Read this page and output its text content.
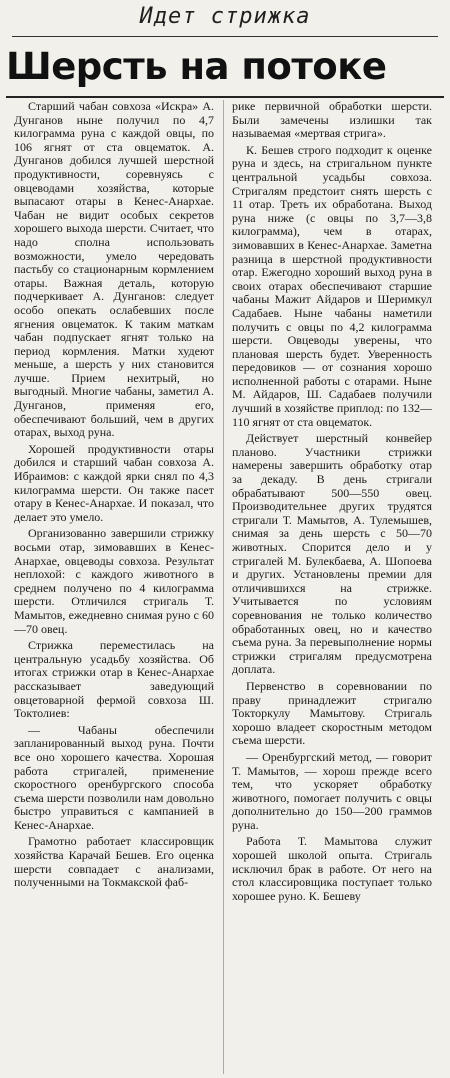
Идет стрижка
Шерсть на потоке

Старший чабан совхоза «Искра» А. Дунганов ныне получил по 4,7 килограмма руна с каждой овцы, по 106 ягнят от ста овцематок. А. Дунганов добился лучшей шерстной продуктивности, соревнуясь с овцеводами хозяйства, которые выпасают отары в Кенес-Анархае. Чабан не видит особых секретов хорошего выхода шерсти. Считает, что надо сполна использовать возможности, умело чередовать пастьбу со стационарным кормлением отары. Важная деталь, которую подчеркивает А. Дунганов: следует особо опекать ослабевших после ягнения овцематок. К таким маткам чабан подпускает ягнят только на период кормления. Матки худеют меньше, а шерсть у них становится лучше. Прием нехитрый, но выгодный. Многие чабаны, заметил А. Дунганов, применяя его, обеспечивают больший, чем в других отарах, выход руна.

Хорошей продуктивности отары добился и старший чабан совхоза А. Ибраимов: с каждой ярки снял по 4,3 килограмма шерсти. Он также пасет отару в Кенес-Анархае. И показал, что делает это умело.

Организованно завершили стрижку восьми отар, зимовавших в Кенес-Анархае, овцеводы совхоза. Результат неплохой: с каждого животного в среднем получено по 4 килограмма шерсти. Отличился стригаль Т. Мамытов, ежедневно снимая руно с 60—70 овец.

Стрижка переместилась на центральную усадьбу хозяйства. Об итогах стрижки отар в Кенес-Анархае рассказывает заведующий овцетоварной фермой совхоза Ш. Токтолиев:

— Чабаны обеспечили запланированный выход руна. Почти все оно хорошего качества. Хорошая работа стригалей, применение скоростного оренбургского способа съема шерсти позволили нам довольно быстро управиться с кампанией в Кенес-Анархае.

Грамотно работает классировщик хозяйства Карачай Бешев. Его оценка шерсти совпадает с анализами, полученными на Токмакской фаб-

рике первичной обработки шерсти. Были замечены излишки так называемая «мертвая стрига».

К. Бешев строго подходит к оценке руна и здесь, на стригальном пункте центральной усадьбы совхоза. Стригалям предстоит снять шерсть с 11 отар. Треть их обработана. Выход руна ниже (с овцы по 3,7—3,8 килограмма), чем в отарах, зимовавших в Кенес-Анархае. Заметна разница в шерстной продуктивности отар. Ежегодно хороший выход руна в своих отарах обеспечивают старшие чабаны Мажит Айдаров и Шеримкул Садабаев. Ныне чабаны наметили получить с овцы по 4,2 килограмма шерсти. Овцеводы уверены, что плановая шерсть будет. Уверенность передовиков — от сознания хорошо исполненной работы с отарами. Ныне М. Айдаров, Ш. Садабаев получили лучший в хозяйстве приплод: по 132—110 ягнят от ста овцематок.

Действует шерстный конвейер планово. Участники стрижки намерены завершить обработку отар за декаду. В день стригали обрабатывают 500—550 овец. Производительнее других трудятся стригали Т. Мамытов, А. Тулемышев, снимая за день шерсть с 50—70 животных. Спорится дело и у стригалей М. Булекбаева, А. Шопоева и других. Установлены премии для отличившихся на стрижке. Учитывается по условиям соревнования не только количество обработанных овец, но и качество съема руна. За перевыполнение нормы стрижки стригалям предусмотрена доплата.

Первенство в соревновании по праву принадлежит стригалю Токторкулу Мамытову. Стригаль хорошо владеет скоростным методом съема шерсти.

— Оренбургский метод, — говорит Т. Мамытов, — хорош прежде всего тем, что ускоряет обработку животного, помогает получить с овцы дополнительно до 150—200 граммов руна.

Работа Т. Мамытова служит хорошей школой опыта. Стригаль исключил брак в работе. От него на стол классировщика поступает только хорошее руно. К. Бешеву
